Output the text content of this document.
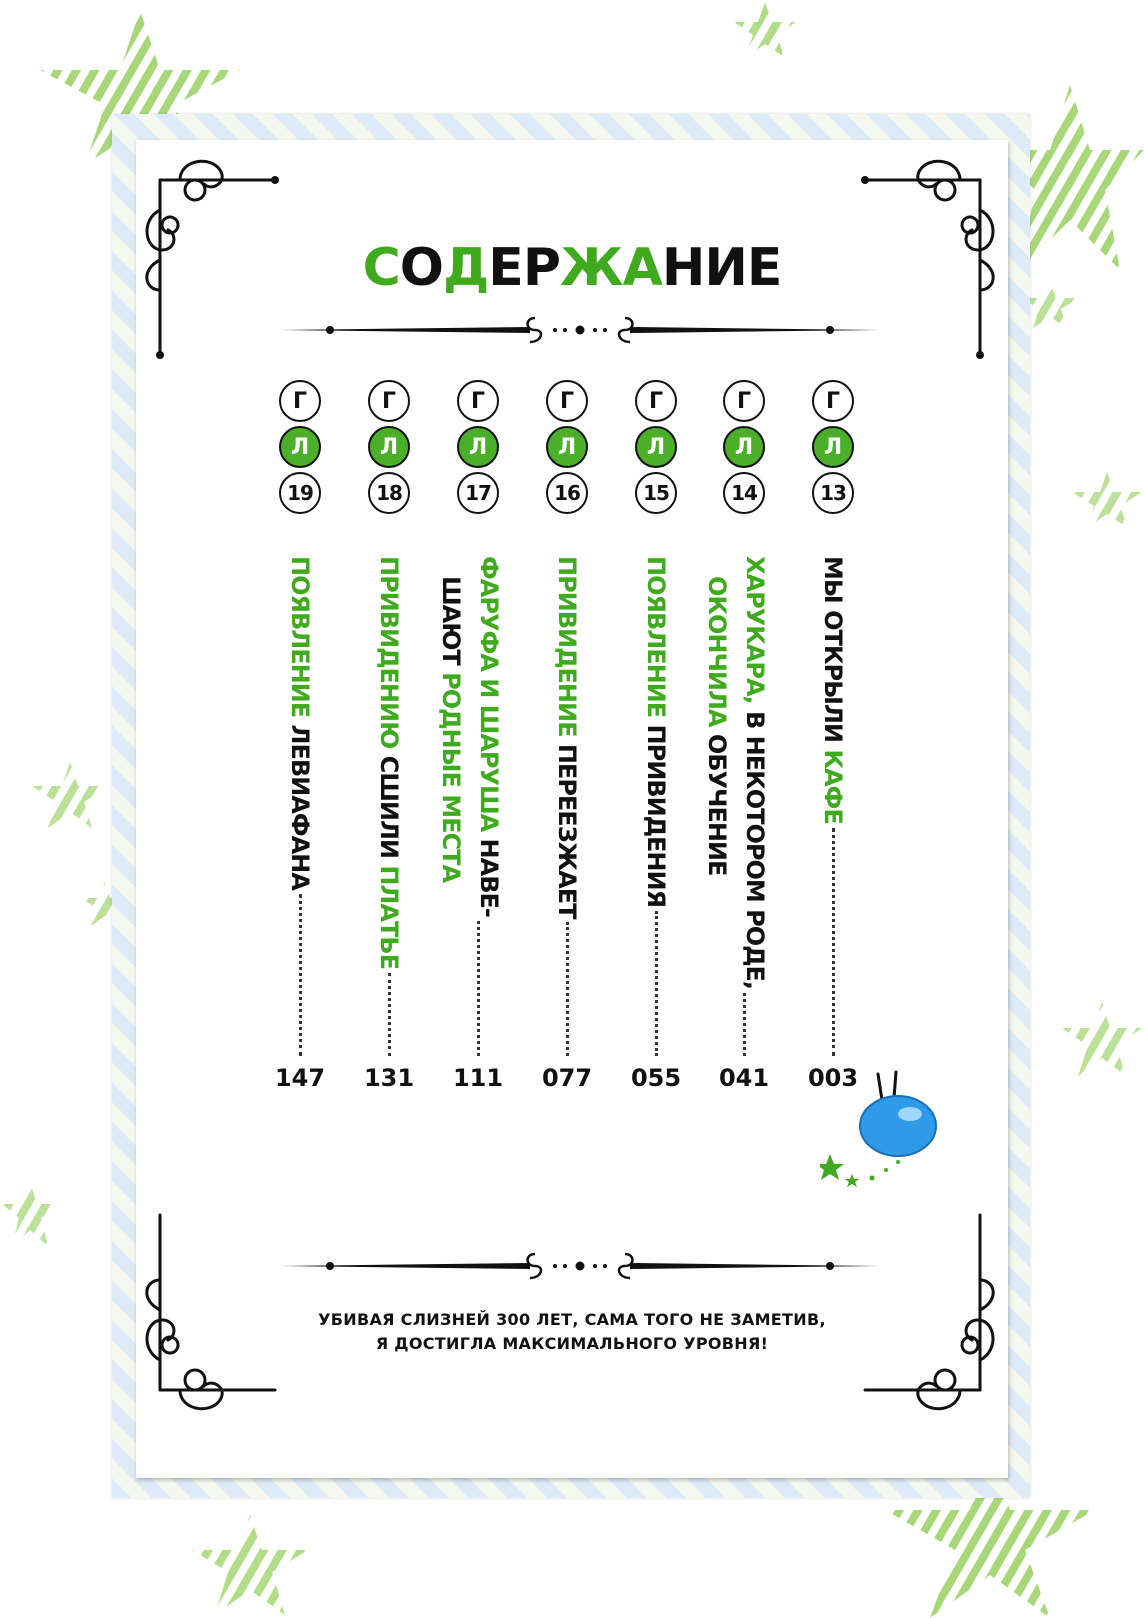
СОДЕРЖАНИЕ
Г
Л
13
МЫ ОТКРЫЛИ КАФЕ
003
Г
Л
14
ХАРУКАРА, В НЕКОТОРОМ РОДЕ,
ОКОНЧИЛА ОБУЧЕНИЕ
041
Г
Л
15
ПОЯВЛЕНИЕ ПРИВИДЕНИЯ
055
Г
Л
16
ПРИВИДЕНИЕ ПЕРЕЕЗЖАЕТ
077
Г
Л
17
ФАРУФА И ШАРУША НАВЕ-
ШАЮТ РОДНЫЕ МЕСТА
111
Г
Л
18
ПРИВИДЕНИЮ СШИЛИ ПЛАТЬЕ
131
Г
Л
19
ПОЯВЛЕНИЕ ЛЕВИАФАНА
147
УБИВАЯ СЛИЗНЕЙ 300 ЛЕТ, САМА ТОГО НЕ ЗАМЕТИВ,
Я ДОСТИГЛА МАКСИМАЛЬНОГО УРОВНЯ!
